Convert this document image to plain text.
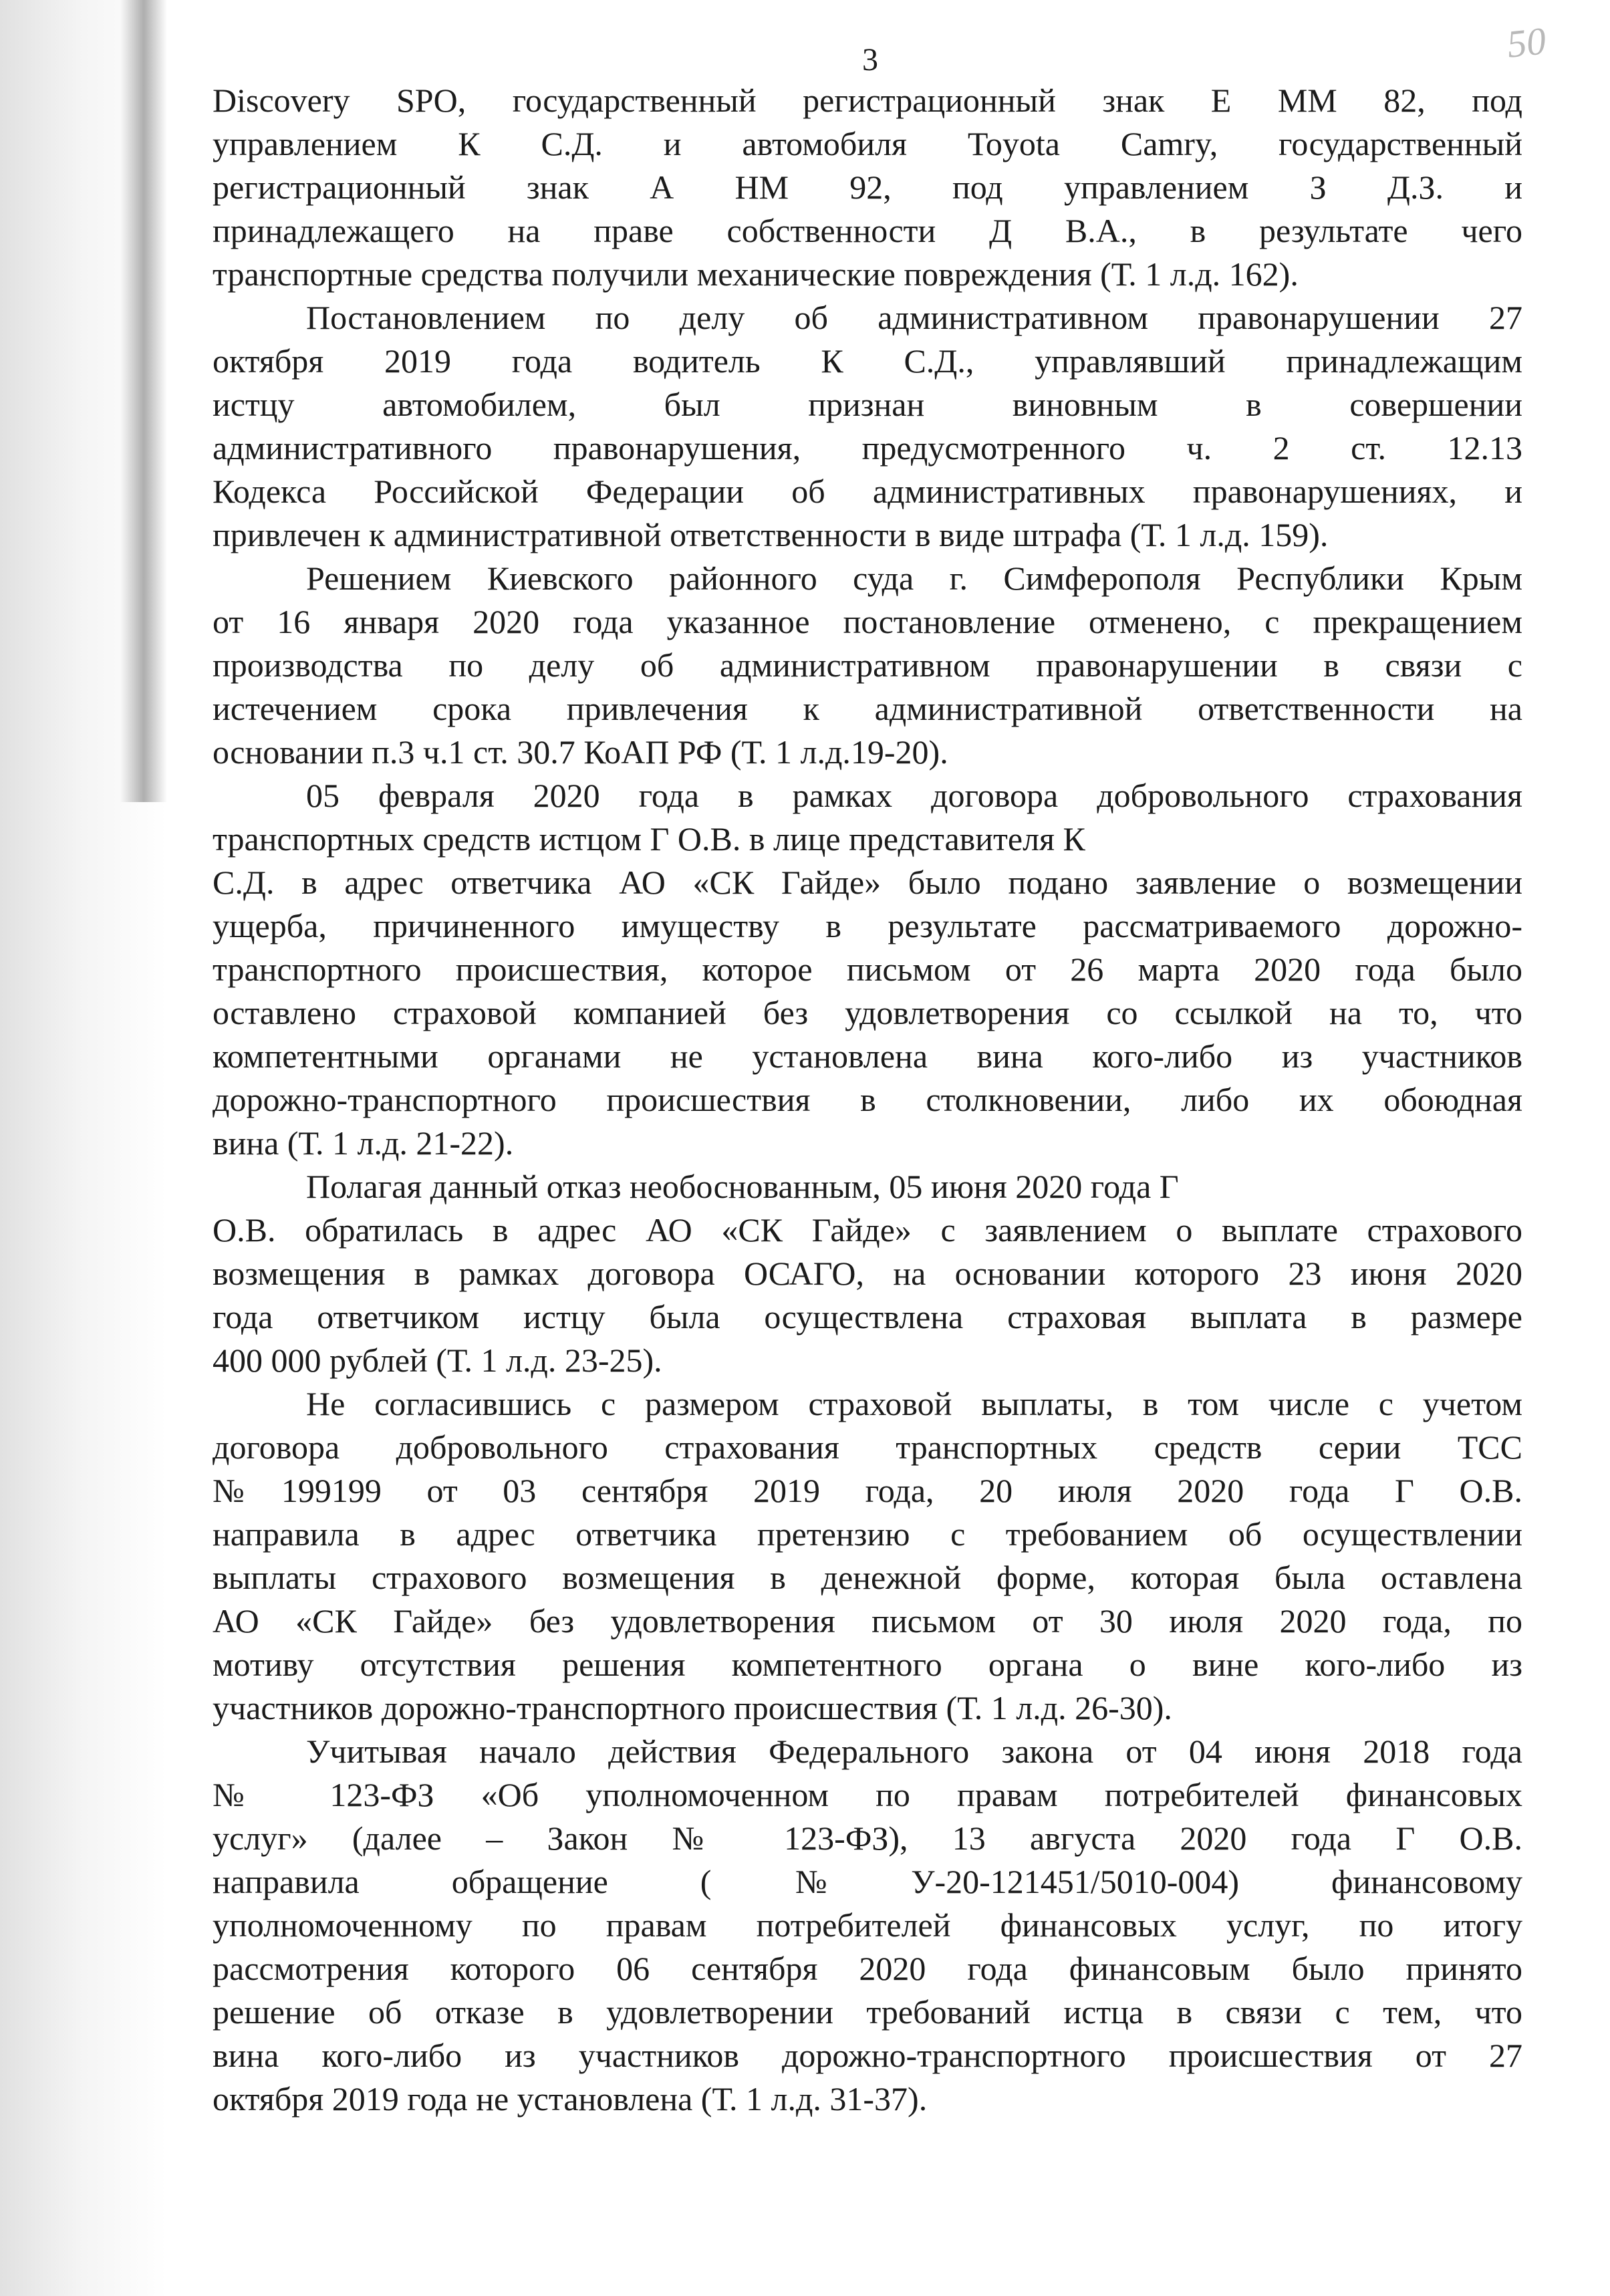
3	50
Discovery SPO, государственный регистрационный знак Е ММ 82, под
управлением К С.Д. и автомобиля Toyota Camry, государственный
регистрационный знак А НМ 92, под управлением З Д.З. и
принадлежащего на праве собственности Д В.А., в результате чего
транспортные средства получили механические повреждения (Т. 1 л.д. 162).
Постановлением по делу об административном правонарушении 27
октября 2019 года водитель К С.Д., управлявший принадлежащим
истцу автомобилем, был признан виновным в совершении
административного правонарушения, предусмотренного ч. 2 ст. 12.13
Кодекса Российской Федерации об административных правонарушениях, и
привлечен к административной ответственности в виде штрафа (Т. 1 л.д. 159).
Решением Киевского районного суда г. Симферополя Республики Крым
от 16 января 2020 года указанное постановление отменено, с прекращением
производства по делу об административном правонарушении в связи с
истечением срока привлечения к административной ответственности на
основании п.3 ч.1 ст. 30.7 КоАП РФ (Т. 1 л.д.19-20).
05 февраля 2020 года в рамках договора добровольного страхования
транспортных средств истцом Г О.В. в лице представителя К
С.Д. в адрес ответчика АО «СК Гайде» было подано заявление о возмещении
ущерба, причиненного имуществу в результате рассматриваемого дорожно-
транспортного происшествия, которое письмом от 26 марта 2020 года было
оставлено страховой компанией без удовлетворения со ссылкой на то, что
компетентными органами не установлена вина кого-либо из участников
дорожно-транспортного происшествия в столкновении, либо их обоюдная
вина (Т. 1 л.д. 21-22).
Полагая данный отказ необоснованным, 05 июня 2020 года Г
О.В. обратилась в адрес АО «СК Гайде» с заявлением о выплате страхового
возмещения в рамках договора ОСАГО, на основании которого 23 июня 2020
года ответчиком истцу была осуществлена страховая выплата в размере
400 000 рублей (Т. 1 л.д. 23-25).
Не согласившись с размером страховой выплаты, в том числе с учетом
договора добровольного страхования транспортных средств серии ТСС
№199199 от 03 сентября 2019 года, 20 июля 2020 года Г О.В.
направила в адрес ответчика претензию с требованием об осуществлении
выплаты страхового возмещения в денежной форме, которая была оставлена
АО «СК Гайде» без удовлетворения письмом от 30 июля 2020 года, по
мотиву отсутствия решения компетентного органа о вине кого-либо из
участников дорожно-транспортного происшествия (Т. 1 л.д. 26-30).
Учитывая начало действия Федерального закона от 04 июня 2018 года
№ 123-ФЗ «Об уполномоченном по правам потребителей финансовых
услуг» (далее – Закон № 123-ФЗ), 13 августа 2020 года Г О.В.
направила обращение (№У-20-121451/5010-004) финансовому
уполномоченному по правам потребителей финансовых услуг, по итогу
рассмотрения которого 06 сентября 2020 года финансовым было принято
решение об отказе в удовлетворении требований истца в связи с тем, что
вина кого-либо из участников дорожно-транспортного происшествия от 27
октября 2019 года не установлена (Т. 1 л.д. 31-37).
